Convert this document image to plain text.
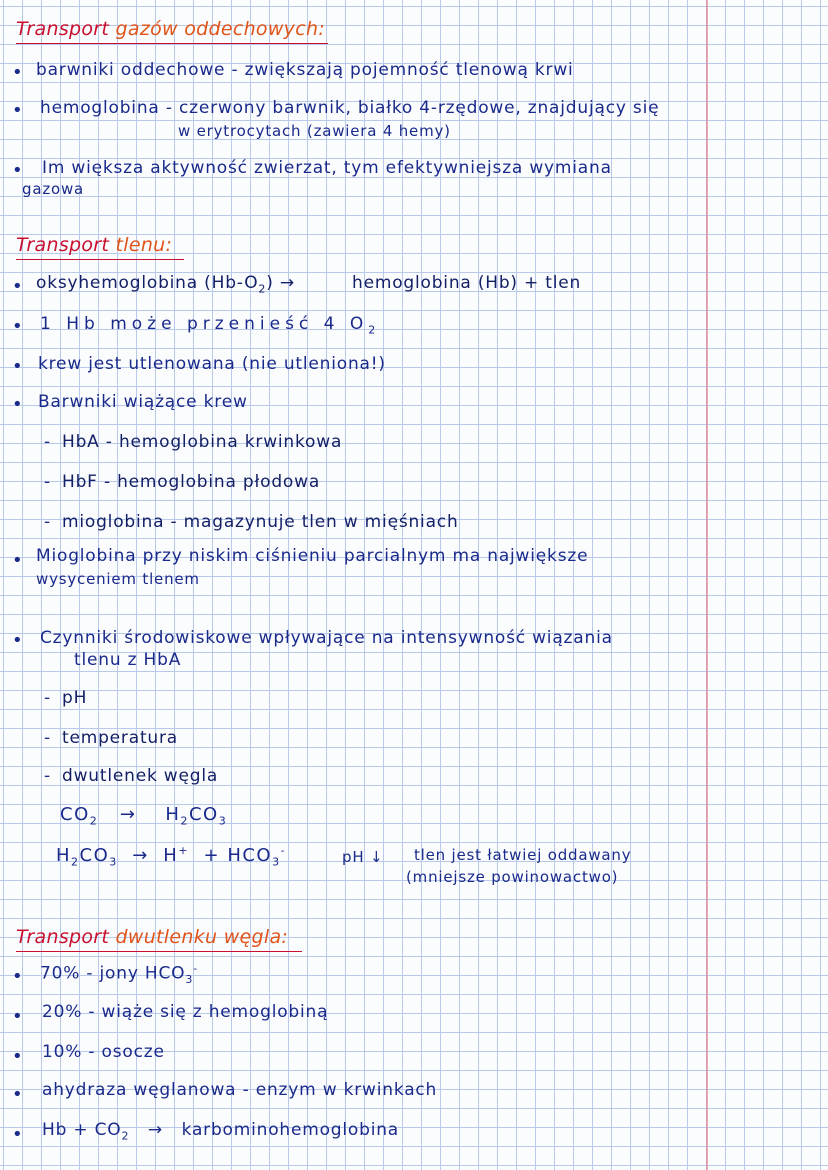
Transport gazów oddechowych:
• barwniki oddechowe - zwiększają pojemność tlenową krwi
•	hemoglobina - czerwony barwnik, białko 4-rzędowe, znajdujący się
w erytrocytach (zawiera 4 hemy)
•	Im większa aktywność zwierzat, tym efektywniejsza wymiana
gazowa
Transport tlenu:
• oksyhemoglobina $(Hb-O_2)$ →	hemoglobina (Hb) + tlen
•	1 Hb może przenieść 4 $O_2$
• krew jest utlenowana (nie utleniona!)
• Barwniki wiążące krew
- HbA - hemoglobina krwinkowa
- HbF - hemoglobina płodowa
- mioglobina - magazynuje tlen w mięśniach
• Mioglobina przy niskim ciśnieniu parcialnym ma największe
wysyceniem tlenem
•	Czynniki środowiskowe wpływające na intensywność wiązania
tlenu z HbA
- pH
- temperatura
- dwutlenek węgla
$CO_2 \to H_2CO_3$
$H_2CO_3 \to H^+ + HCO_3^-$	pH ↓ tlen jest łatwiej oddawany
(mniejsze powinowactwo)
Transport dwutlenku węgla:
•	70% - jony $HCO_3^-$
•	20% - wiąże się z hemoglobiną
•	10% - osocze
•	ahydraza węglanowa - enzym w krwinkach
•	$Hb + CO_2$ → karbominohemoglobina
